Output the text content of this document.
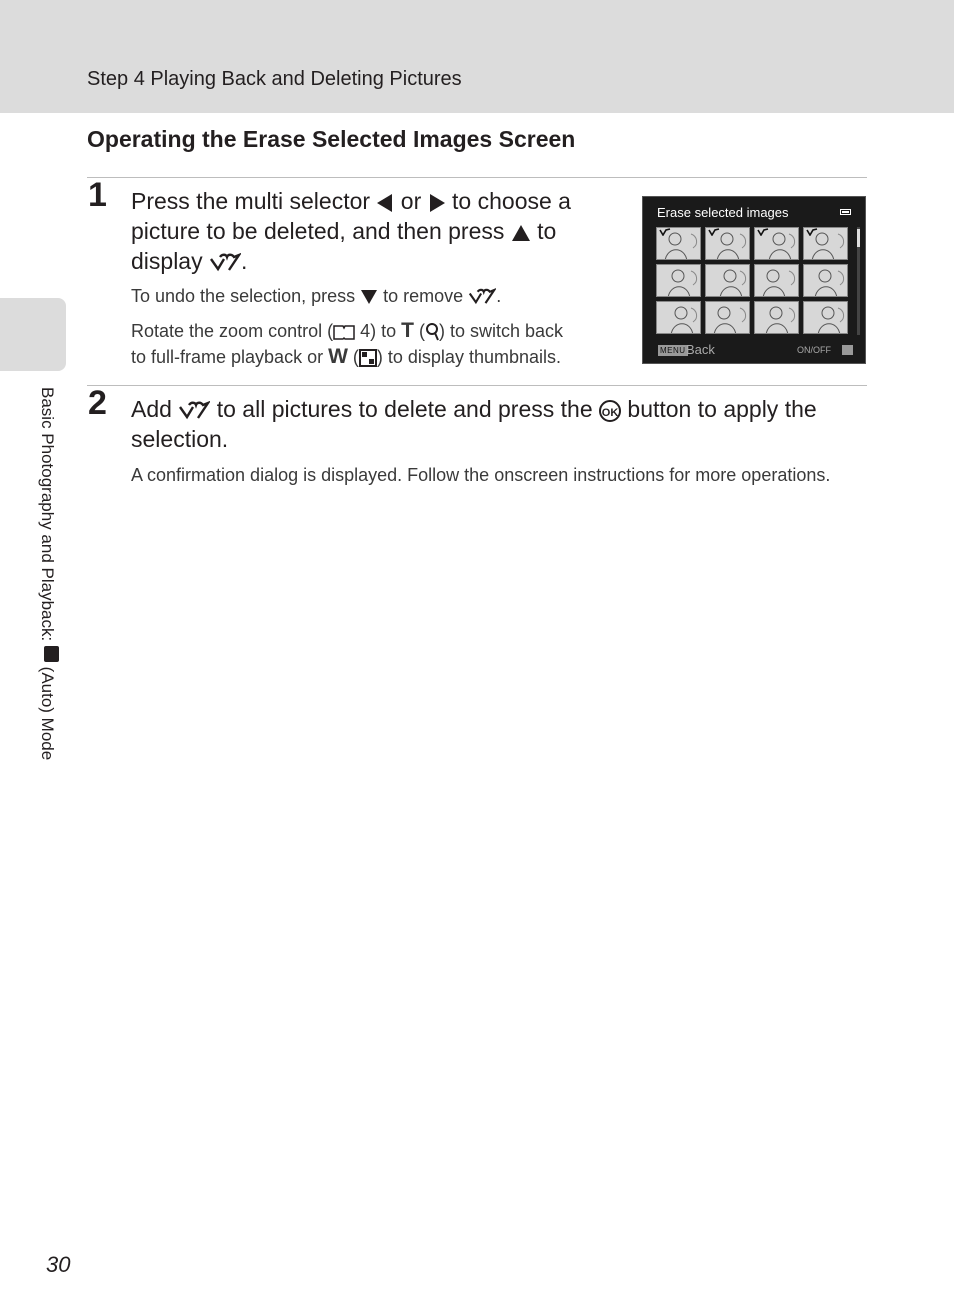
Step 4 Playing Back and Deleting Pictures
Basic Photography and Playback:  (Auto) Mode
Operating the Erase Selected Images Screen
1 Press the multi selector  or  to choose a
picture to be deleted, and then press  to
display .
To undo the selection, press  to remove .
Rotate the zoom control ( 4) to T ( ) to switch back
to full-frame playback or W ( ) to display thumbnails.
Erase selected images
MENU Back	ON/OFF
2 Add  to all pictures to delete and press the OK button to apply the
selection.
A confirmation dialog is displayed. Follow the onscreen instructions for more operations.
30
